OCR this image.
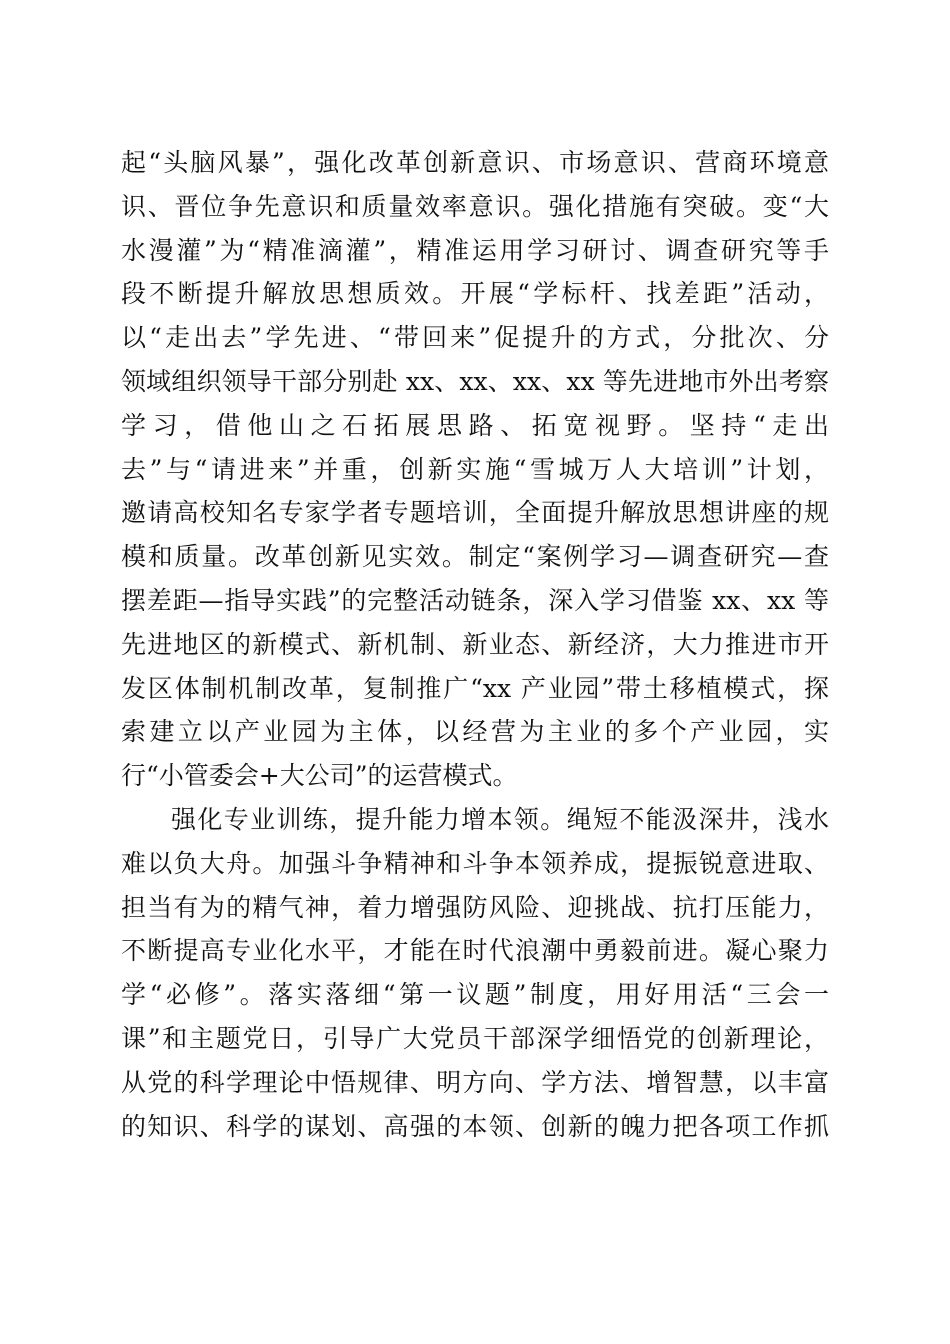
起“头脑风暴”，强化改革创新意识、市场意识、营商环境意
识、晋位争先意识和质量效率意识。强化措施有突破。变“大
水漫灌”为“精准滴灌”，精准运用学习研讨、调查研究等手
段不断提升解放思想质效。开展“学标杆、找差距”活动，
以“走出去”学先进、“带回来”促提升的方式，分批次、分
领域组织领导干部分别赴 xx、xx、xx、xx 等先进地市外出考察
学习，借他山之石拓展思路、拓宽视野。坚持“走出
去”与“请进来”并重，创新实施“雪城万人大培训”计划，
邀请高校知名专家学者专题培训，全面提升解放思想讲座的规
模和质量。改革创新见实效。制定“案例学习—调查研究—查
摆差距—指导实践”的完整活动链条，深入学习借鉴 xx、xx 等
先进地区的新模式、新机制、新业态、新经济，大力推进市开
发区体制机制改革，复制推广“xx 产业园”带土移植模式，探
索建立以产业园为主体，以经营为主业的多个产业园，实
行“小管委会+大公司”的运营模式。
强化专业训练，提升能力增本领。绳短不能汲深井，浅水
难以负大舟。加强斗争精神和斗争本领养成，提振锐意进取、
担当有为的精气神，着力增强防风险、迎挑战、抗打压能力，
不断提高专业化水平，才能在时代浪潮中勇毅前进。凝心聚力
学“必修”。落实落细“第一议题”制度，用好用活“三会一
课”和主题党日，引导广大党员干部深学细悟党的创新理论，
从党的科学理论中悟规律、明方向、学方法、增智慧，以丰富
的知识、科学的谋划、高强的本领、创新的魄力把各项工作抓
